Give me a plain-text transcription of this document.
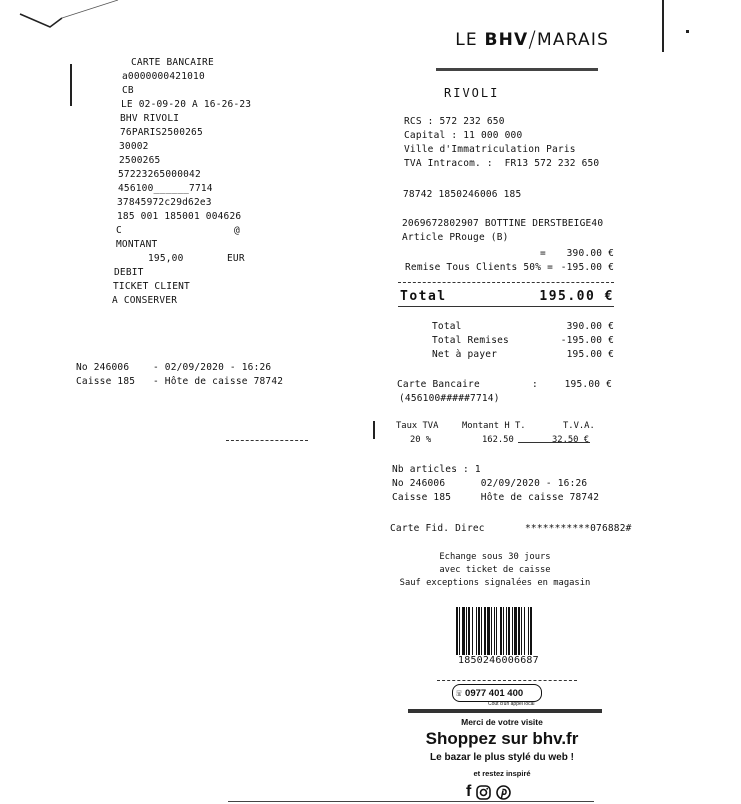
CARTE BANCAIRE
a0000000421010
CB
LE 02-09-20 A 16-26-23
BHV RIVOLI
76PARIS2500265
30002
2500265
57223265000042
456100______7714
37845972c29d62e3
185 001 185001 004626
C	@
MONTANT
195,00	EUR
DEBIT
TICKET CLIENT
A CONSERVER
No 246006    - 02/09/2020 - 16:26
Caisse 185   - Hôte de caisse 78742

LE BHV/MARAIS

RIVOLI
RCS : 572 232 650
Capital : 11 000 000
Ville d'Immatriculation Paris
TVA Intracom. :  FR13 572 232 650
78742 1850246006 185
2069672802907 BOTTINE DERSTBEIGE40
Article PRouge (B)
=	390.00 €
Remise Tous Clients 50% = -195.00 €
Total	195.00 €
Total	390.00 €
Total Remises	-195.00 €
Net à payer	195.00 €
Carte Bancaire	:	195.00 €
(456100#####7714)
Taux TVA	Montant H T.	T.V.A.
20 %	162.50	32.50 €
Nb articles : 1
No 246006      02/09/2020 - 16:26
Caisse 185     Hôte de caisse 78742
Carte Fid. Direc	***********076882#
Echange sous 30 jours
avec ticket de caisse
Sauf exceptions signalées en magasin
1850246006687
☏ 0977 401 400
Coût d'un appel local
Merci de votre visite
Shoppez sur bhv.fr
Le bazar le plus stylé du web !
et restez inspiré
f
